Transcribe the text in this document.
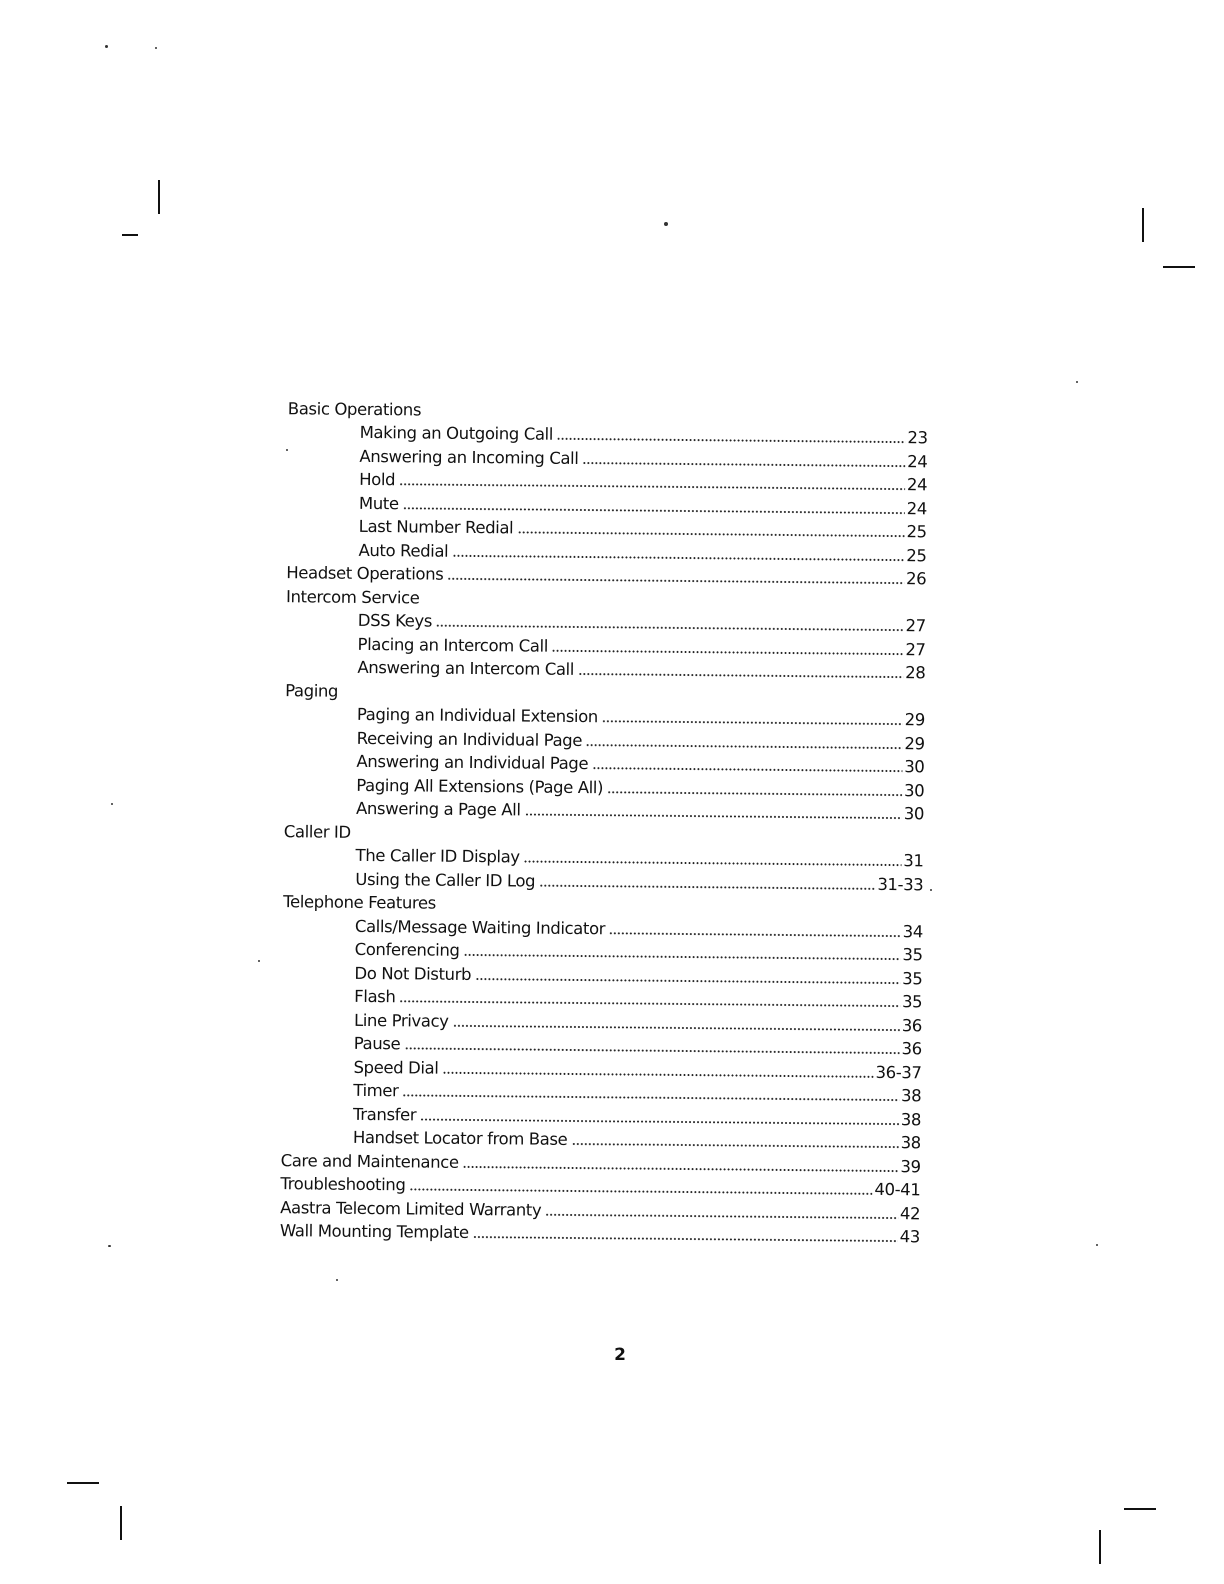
Basic Operations
Making an Outgoing Call	23
Answering an Incoming Call	24
Hold	24
Mute	24
Last Number Redial	25
Auto Redial	25
Headset Operations	26
Intercom Service
DSS Keys	27
Placing an Intercom Call	27
Answering an Intercom Call	28
Paging
Paging an Individual Extension	29
Receiving an Individual Page	29
Answering an Individual Page	30
Paging All Extensions (Page All)	30
Answering a Page All	30
Caller ID
The Caller ID Display	31
Using the Caller ID Log	31-33
Telephone Features
Calls/Message Waiting Indicator	34
Conferencing	35
Do Not Disturb	35
Flash	35
Line Privacy	36
Pause	36
Speed Dial	36-37
Timer	38
Transfer	38
Handset Locator from Base	38
Care and Maintenance	39
Troubleshooting	40-41
Aastra Telecom Limited Warranty	42
Wall Mounting Template	43
2
